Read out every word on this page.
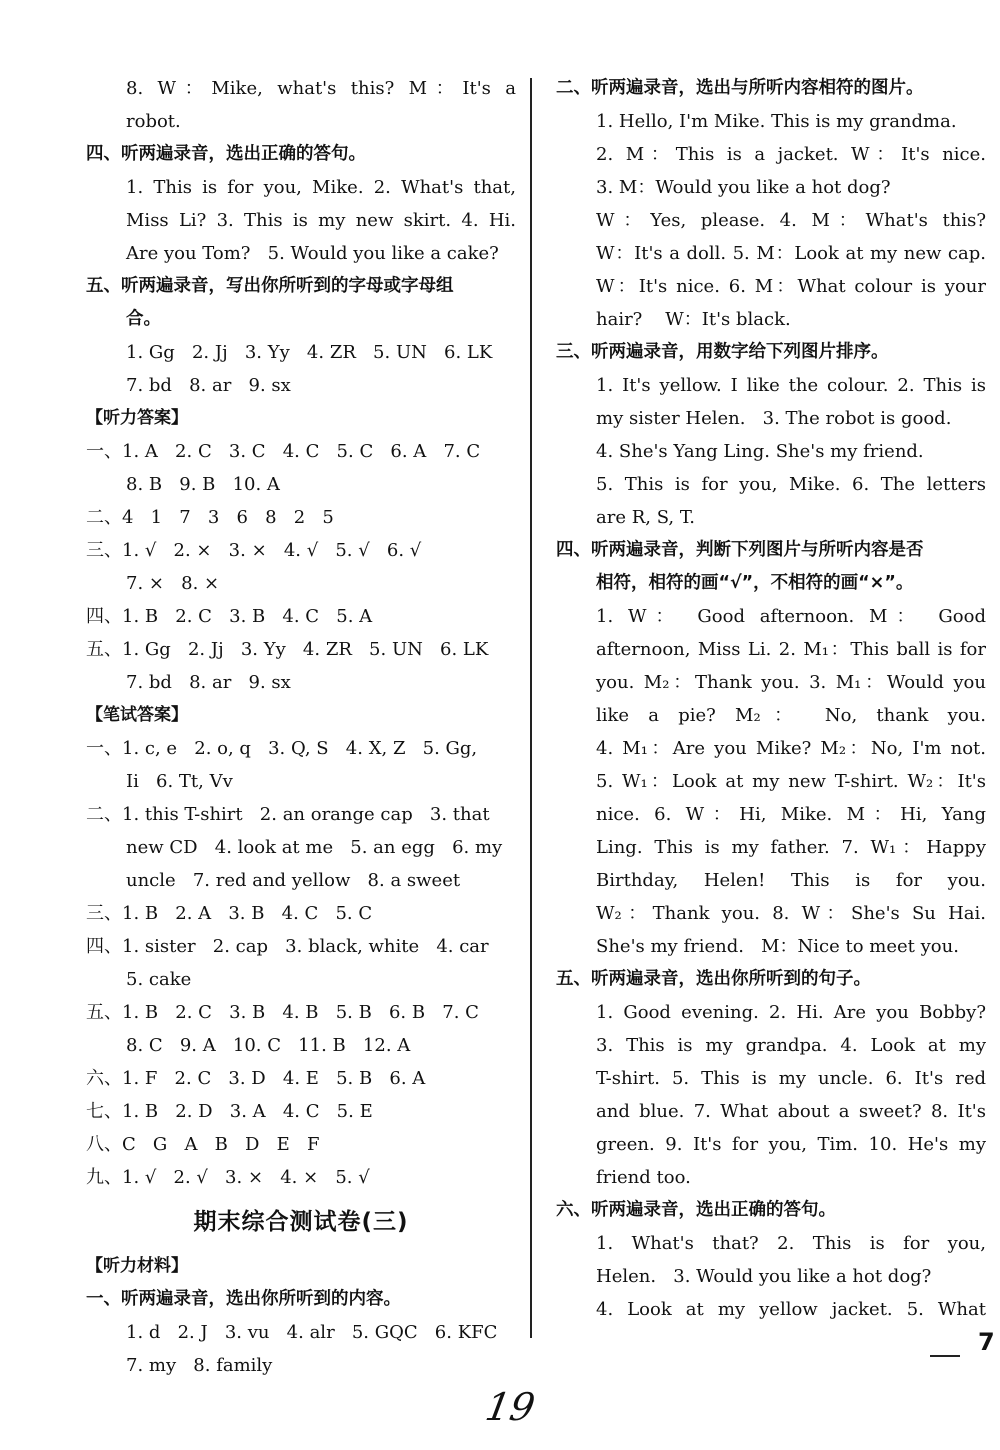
8. W：Mike, what's this? M：It's a
robot.
四、听两遍录音，选出正确的答句。
1. This is for you, Mike. 2. What's that,
Miss Li? 3. This is my new skirt. 4. Hi.
Are you Tom?   5. Would you like a cake?
五、听两遍录音，写出你所听到的字母或字母组
合。
1. Gg   2. Jj   3. Yy   4. ZR   5. UN   6. LK
7. bd   8. ar   9. sx
【听力答案】
一、1. A   2. C   3. C   4. C   5. C   6. A   7. C
8. B   9. B   10. A
二、4   1   7   3   6   8   2   5
三、1. √   2. ×   3. ×   4. √   5. √   6. √
7. ×   8. ×
四、1. B   2. C   3. B   4. C   5. A
五、1. Gg   2. Jj   3. Yy   4. ZR   5. UN   6. LK
7. bd   8. ar   9. sx
【笔试答案】
一、1. c, e   2. o, q   3. Q, S   4. X, Z   5. Gg,
Ii   6. Tt, Vv
二、1. this T-shirt   2. an orange cap   3. that
new CD   4. look at me   5. an egg   6. my
uncle   7. red and yellow   8. a sweet
三、1. B   2. A   3. B   4. C   5. C
四、1. sister   2. cap   3. black, white   4. car
5. cake
五、1. B   2. C   3. B   4. B   5. B   6. B   7. C
8. C   9. A   10. C   11. B   12. A
六、1. F   2. C   3. D   4. E   5. B   6. A
七、1. B   2. D   3. A   4. C   5. E
八、C   G   A   B   D   E   F
九、1. √   2. √   3. ×   4. ×   5. √
期末综合测试卷(三)
【听力材料】
一、听两遍录音，选出你所听到的内容。
1. d   2. J   3. vu   4. alr   5. GQC   6. KFC
7. my   8. family
二、听两遍录音，选出与所听内容相符的图片。
1. Hello, I'm Mike. This is my grandma.
2. M：This is a jacket. W：It's nice.
3. M：Would you like a hot dog?
W：Yes, please. 4. M：What's this?
W：It's a doll. 5. M：Look at my new cap.
W：It's nice. 6. M：What colour is your
hair?    W：It's black.
三、听两遍录音，用数字给下列图片排序。
1. It's yellow. I like the colour. 2. This is
my sister Helen.   3. The robot is good.
4. She's Yang Ling. She's my friend.
5. This is for you, Mike. 6. The letters
are R, S, T.
四、听两遍录音，判断下列图片与所听内容是否
相符，相符的画“√”，不相符的画“×”。
1. W： Good afternoon. M： Good
afternoon, Miss Li. 2. M₁：This ball is for
you. M₂：Thank you. 3. M₁：Would you
like a pie? M₂： No, thank you.
4. M₁：Are you Mike? M₂：No, I'm not.
5. W₁：Look at my new T-shirt. W₂：It's
nice. 6. W：Hi, Mike. M：Hi, Yang
Ling. This is my father. 7. W₁：Happy
Birthday, Helen! This is for you.
W₂：Thank you. 8. W：She's Su Hai.
She's my friend.   M：Nice to meet you.
五、听两遍录音，选出你所听到的句子。
1. Good evening. 2. Hi. Are you Bobby?
3. This is my grandpa. 4. Look at my
T-shirt. 5. This is my uncle. 6. It's red
and blue. 7. What about a sweet? 8. It's
green. 9. It's for you, Tim. 10. He's my
friend too.
六、听两遍录音，选出正确的答句。
1. What's that? 2. This is for you,
Helen.   3. Would you like a hot dog?
4. Look at my yellow jacket. 5. What
7
19
